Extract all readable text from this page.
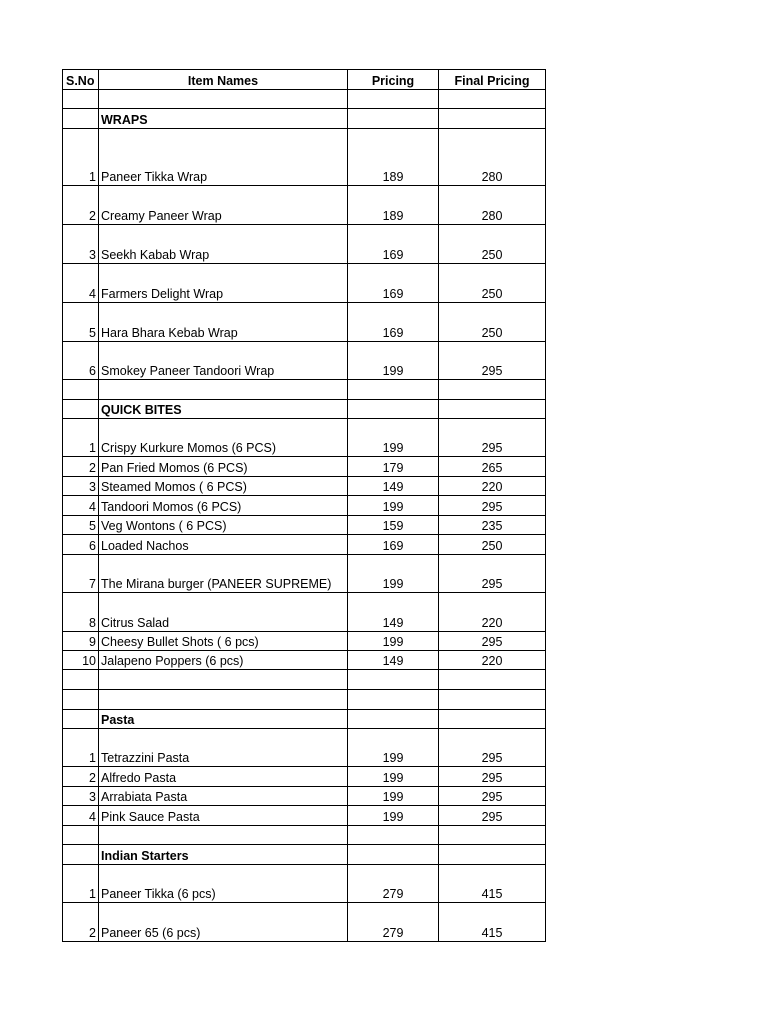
S.No	Item Names	Pricing	Final Pricing

	WRAPS		
1	Paneer Tikka Wrap	189	280
2	Creamy Paneer Wrap	189	280
3	Seekh Kabab Wrap	169	250
4	Farmers Delight Wrap	169	250
5	Hara Bhara Kebab Wrap	169	250
6	Smokey Paneer Tandoori Wrap	199	295

	QUICK BITES		
1	Crispy Kurkure Momos (6 PCS)	199	295
2	Pan Fried Momos (6 PCS)	179	265
3	Steamed Momos ( 6 PCS)	149	220
4	Tandoori Momos (6 PCS)	199	295
5	Veg Wontons ( 6 PCS)	159	235
6	Loaded Nachos	169	250
7	The Mirana burger (PANEER SUPREME)	199	295
8	Citrus Salad	149	220
9	Cheesy Bullet Shots ( 6 pcs)	199	295
10	Jalapeno Poppers (6 pcs)	149	220

	Pasta		
1	Tetrazzini Pasta	199	295
2	Alfredo Pasta	199	295
3	Arrabiata Pasta	199	295
4	Pink Sauce Pasta	199	295

	Indian Starters		
1	Paneer Tikka (6 pcs)	279	415
2	Paneer 65 (6 pcs)	279	415
